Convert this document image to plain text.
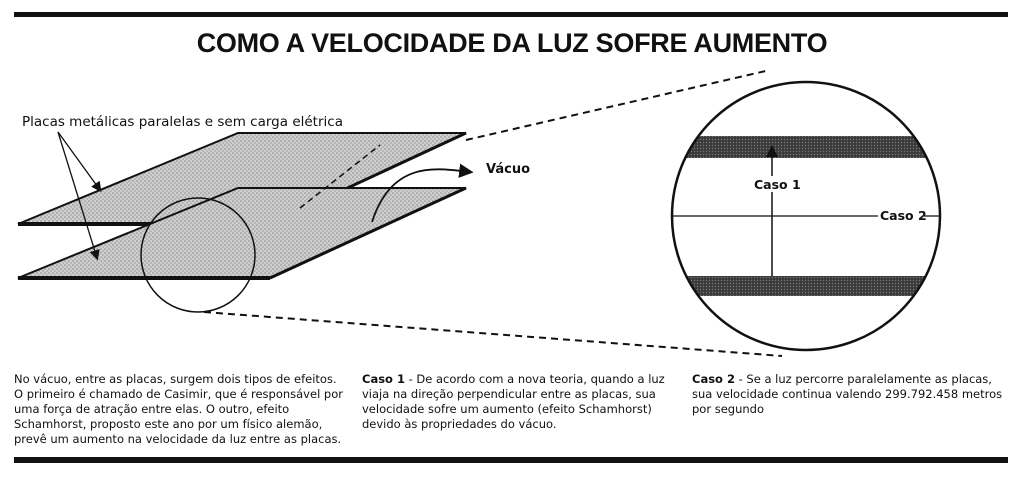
COMO A VELOCIDADE DA LUZ SOFRE AUMENTO
Placas metálicas paralelas e sem carga elétrica
Vácuo
Caso 1
Caso 2
No vácuo, entre as placas, surgem dois tipos de efeitos. O primeiro é chamado de Casimir, que é responsável por uma força de atração entre elas. O outro, efeito Schamhorst, proposto este ano por um físico alemão, prevê um aumento na velocidade da luz entre as placas.
Caso 1 - De acordo com a nova teoria, quando a luz viaja na direção perpendicular entre as placas, sua velocidade sofre um aumento (efeito Schamhorst) devido às propriedades do vácuo.
Caso 2 - Se a luz percorre paralelamente as placas, sua velocidade continua valendo 299.792.458 metros por segundo
